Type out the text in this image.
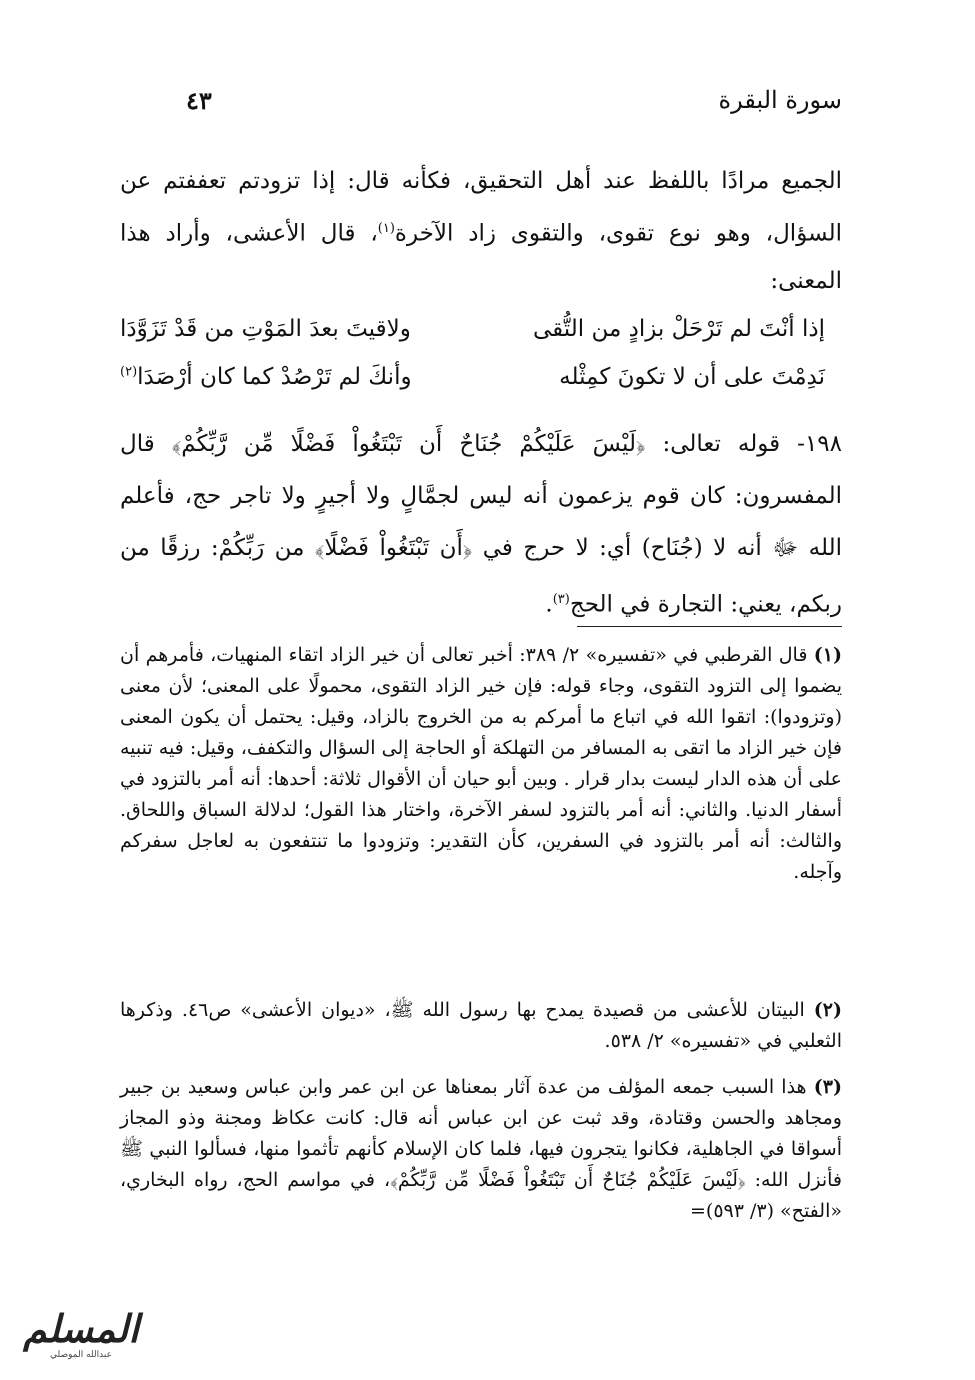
سورة البقرة
٤٣

الجميع مرادًا باللفظ عند أهل التحقيق، فكأنه قال: إذا تزودتم تعففتم عن السؤال، وهو نوع تقوى، والتقوى زاد الآخرة$^{(١)}$، قال الأعشى، وأراد هذا المعنى:

إذا أنْتَ لم تَرْحَلْ بزادٍ من التُّقى
ولاقيتَ بعدَ المَوْتِ من قَدْ تَزَوَّدَا
نَدِمْتَ على أن لا تكونَ كمِثْله
وأنكَ لم تَرْصُدْ كما كان أرْصَدَا$^{(٢)}$

١٩٨- قوله تعالى: ﴿لَيْسَ عَلَيْكُمْ جُنَاحٌ أَن تَبْتَغُواْ فَضْلًا مِّن رَّبِّكُمْ﴾ قال المفسرون: كان قوم يزعمون أنه ليس لجمَّالٍ ولا أجيرٍ ولا تاجر حج، فأعلم الله ﷻ أنه لا (جُنَاح) أي: لا حرج في ﴿أَن تَبْتَغُواْ فَضْلًا﴾ من رَبِّكُمْ: رزقًا من ربكم، يعني: التجارة في الحج$^{(٣)}$.

(١) قال القرطبي في «تفسيره» ٢/ ٣٨٩: أخبر تعالى أن خير الزاد اتقاء المنهيات، فأمرهم أن يضموا إلى التزود التقوى، وجاء قوله: فإن خير الزاد التقوى، محمولًا على المعنى؛ لأن معنى (وتزودوا): اتقوا الله في اتباع ما أمركم به من الخروج بالزاد، وقيل: يحتمل أن يكون المعنى فإن خير الزاد ما اتقى به المسافر من التهلكة أو الحاجة إلى السؤال والتكفف، وقيل: فيه تنبيه على أن هذه الدار ليست بدار قرار . وبين أبو حيان أن الأقوال ثلاثة: أحدها: أنه أمر بالتزود في أسفار الدنيا. والثاني: أنه أمر بالتزود لسفر الآخرة، واختار هذا القول؛ لدلالة السباق واللحاق. والثالث: أنه أمر بالتزود في السفرين، كأن التقدير: وتزودوا ما تنتفعون به لعاجل سفركم وآجله.

(٢) البيتان للأعشى من قصيدة يمدح بها رسول الله ﷺ، «ديوان الأعشى» ص٤٦. وذكرها الثعلبي في «تفسيره» ٢/ ٥٣٨.

(٣) هذا السبب جمعه المؤلف من عدة آثار بمعناها عن ابن عمر وابن عباس وسعيد بن جبير ومجاهد والحسن وقتادة، وقد ثبت عن ابن عباس أنه قال: كانت عكاظ ومجنة وذو المجاز أسواقا في الجاهلية، فكانوا يتجرون فيها، فلما كان الإسلام كأنهم تأثموا منها، فسألوا النبي ﷺ فأنزل الله: ﴿لَيْسَ عَلَيْكُمْ جُنَاحٌ أَن تَبْتَغُواْ فَضْلًا مِّن رَّبِّكُمْ﴾، في مواسم الحج، رواه البخاري، «الفتح» (٣/ ٥٩٣)=

المسلم
عبدالله الموصلي
